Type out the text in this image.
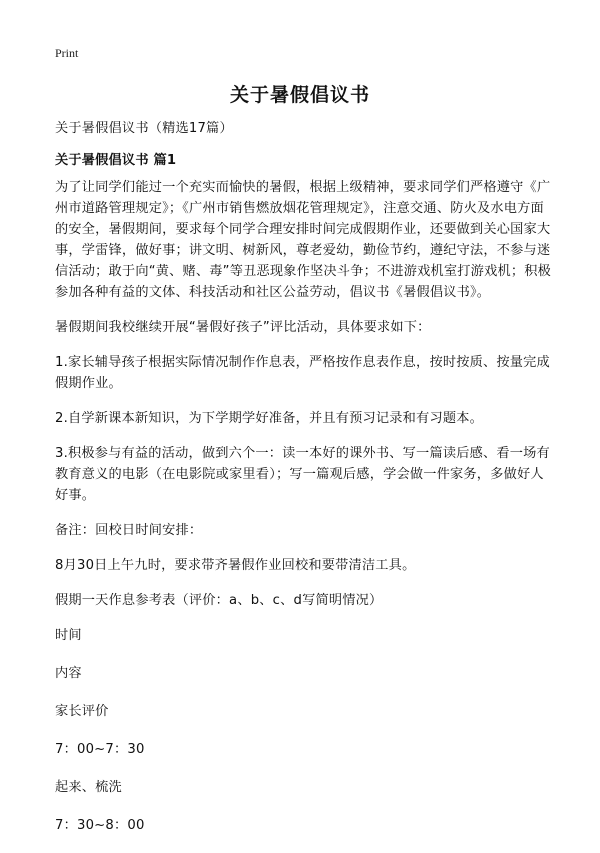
Print
关于暑假倡议书

关于暑假倡议书（精选17篇）

关于暑假倡议书 篇1

为了让同学们能过一个充实而愉快的暑假，根据上级精神，要求同学们严格遵守《广州市道路管理规定》；《广州市销售燃放烟花管理规定》，注意交通、防火及水电方面的安全，暑假期间，要求每个同学合理安排时间完成假期作业，还要做到关心国家大事，学雷锋，做好事；讲文明、树新风，尊老爱幼，勤俭节约，遵纪守法，不参与迷信活动；敢于向“黄、赌、毒”等丑恶现象作坚决斗争；不进游戏机室打游戏机；积极参加各种有益的文体、科技活动和社区公益劳动，倡议书《暑假倡议书》。

暑假期间我校继续开展“暑假好孩子”评比活动，具体要求如下：

1.家长辅导孩子根据实际情况制作作息表，严格按作息表作息，按时按质、按量完成假期作业。

2.自学新课本新知识，为下学期学好准备，并且有预习记录和有习题本。

3.积极参与有益的活动，做到六个一：读一本好的课外书、写一篇读后感、看一场有教育意义的电影（在电影院或家里看）；写一篇观后感，学会做一件家务，多做好人好事。

备注：回校日时间安排：

8月30日上午九时，要求带齐暑假作业回校和要带清洁工具。

假期一天作息参考表（评价：a、b、c、d写简明情况）

时间

内容

家长评价

7：00~7：30

起来、梳洗

7：30~8：00
